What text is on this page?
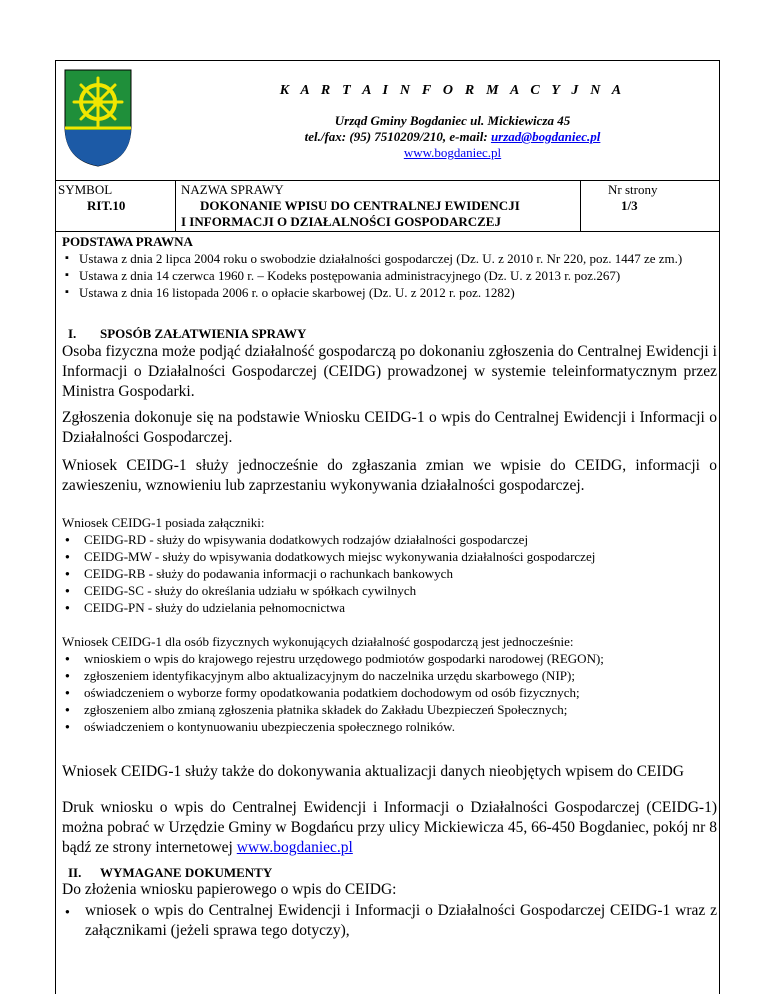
K A R T A I N F O R M A C Y J N A
Urząd Gminy Bogdaniec ul. Mickiewicza 45
tel./fax: (95) 7510209/210, e-mail: urzad@bogdaniec.pl
www.bogdaniec.pl
SYMBOL
RIT.10
NAZWA SPRAWY
DOKONANIE WPISU DO CENTRALNEJ EWIDENCJI
I INFORMACJI O DZIAŁALNOŚCI GOSPODARCZEJ
Nr strony
1/3
PODSTAWA PRAWNA
▪ Ustawa z dnia 2 lipca 2004 roku o swobodzie działalności gospodarczej (Dz. U. z 2010 r. Nr 220, poz. 1447 ze zm.)
▪ Ustawa z dnia 14 czerwca 1960 r. – Kodeks postępowania administracyjnego (Dz. U. z 2013 r. poz.267)
▪ Ustawa z dnia 16 listopada 2006 r. o opłacie skarbowej (Dz. U. z 2012 r. poz. 1282)
I. SPOSÓB ZAŁATWIENIA SPRAWY
Osoba fizyczna może podjąć działalność gospodarczą po dokonaniu zgłoszenia do Centralnej Ewidencji i Informacji o Działalności Gospodarczej (CEIDG) prowadzonej w systemie teleinformatycznym przez Ministra Gospodarki.
Zgłoszenia dokonuje się na podstawie Wniosku CEIDG-1 o wpis do Centralnej Ewidencji i Informacji o Działalności Gospodarczej.
Wniosek CEIDG-1 służy jednocześnie do zgłaszania zmian we wpisie do CEIDG, informacji o zawieszeniu, wznowieniu lub zaprzestaniu wykonywania działalności gospodarczej.
Wniosek CEIDG-1 posiada załączniki:
● CEIDG-RD - służy do wpisywania dodatkowych rodzajów działalności gospodarczej
● CEIDG-MW - służy do wpisywania dodatkowych miejsc wykonywania działalności gospodarczej
● CEIDG-RB - służy do podawania informacji o rachunkach bankowych
● CEIDG-SC - służy do określania udziału w spółkach cywilnych
● CEIDG-PN - służy do udzielania pełnomocnictwa
Wniosek CEIDG-1 dla osób fizycznych wykonujących działalność gospodarczą jest jednocześnie:
● wnioskiem o wpis do krajowego rejestru urzędowego podmiotów gospodarki narodowej (REGON);
● zgłoszeniem identyfikacyjnym albo aktualizacyjnym do naczelnika urzędu skarbowego (NIP);
● oświadczeniem o wyborze formy opodatkowania podatkiem dochodowym od osób fizycznych;
● zgłoszeniem albo zmianą zgłoszenia płatnika składek do Zakładu Ubezpieczeń Społecznych;
● oświadczeniem o kontynuowaniu ubezpieczenia społecznego rolników.
Wniosek CEIDG-1 służy także do dokonywania aktualizacji danych nieobjętych wpisem do CEIDG
Druk wniosku o wpis do Centralnej Ewidencji i Informacji o Działalności Gospodarczej (CEIDG-1) można pobrać w Urzędzie Gminy w Bogdańcu przy ulicy Mickiewicza 45, 66-450 Bogdaniec, pokój nr 8 bądź ze strony internetowej www.bogdaniec.pl
II. WYMAGANE DOKUMENTY
Do złożenia wniosku papierowego o wpis do CEIDG:
● wniosek o wpis do Centralnej Ewidencji i Informacji o Działalności Gospodarczej CEIDG-1 wraz z załącznikami (jeżeli sprawa tego dotyczy),
